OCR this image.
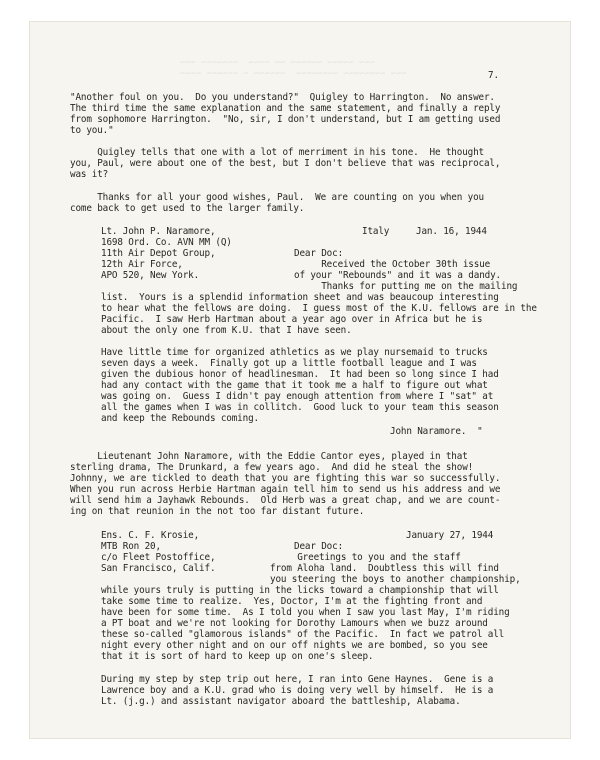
~~~ ~~~~~ ~~~~~~ ~~ ~~~~  ~~~~~~~ ~~~
~~~ ~~~~~~~~ ~~~~~~~~  ~~~~~~ ~ ~~~~~~ ~~~~	7.
"Another foul on you.  Do you understand?"  Quigley to Harrington.  No answer.
The third time the same explanation and the same statement, and finally a reply
from sophomore Harrington.  "No, sir, I don't understand, but I am getting used
to you."
Quigley tells that one with a lot of merriment in his tone.  He thought
you, Paul, were about one of the best, but I don't believe that was reciprocal,
was it?
Thanks for all your good wishes, Paul.  We are counting on you when you
come back to get used to the larger family.
Lt. John P. Naramore,
1698 Ord. Co. AVN MM (Q)
11th Air Depot Group,
12th Air Force,
APO 520, New York.
Italy	Jan. 16, 1944
Dear Doc:
Received the October 30th issue
of your "Rebounds" and it was a dandy.
Thanks for putting me on the mailing
list.  Yours is a splendid information sheet and was beaucoup interesting
to hear what the fellows are doing.  I guess most of the K.U. fellows are in the
Pacific.  I saw Herb Hartman about a year ago over in Africa but he is
about the only one from K.U. that I have seen.
Have little time for organized athletics as we play nursemaid to trucks
seven days a week.  Finally got up a little football league and I was
given the dubious honor of headlinesman.  It had been so long since I had
had any contact with the game that it took me a half to figure out what
was going on.  Guess I didn't pay enough attention from where I "sat" at
all the games when I was in collitch.  Good luck to your team this season
and keep the Rebounds coming.
John Naramore.  "
Lieutenant John Naramore, with the Eddie Cantor eyes, played in that
sterling drama, The Drunkard, a few years ago.  And did he steal the show!
Johnny, we are tickled to death that you are fighting this war so successfully.
When you run across Herbie Hartman again tell him to send us his address and we
will send him a Jayhawk Rebounds.  Old Herb was a great chap, and we are count-
ing on that reunion in the not too far distant future.
Ens. C. F. Krosie,
MTB Ron 20,
c/o Fleet Postoffice,
San Francisco, Calif.
January 27, 1944
Dear Doc:
Greetings to you and the staff
from Aloha land.  Doubtless this will find
you steering the boys to another championship,
while yours truly is putting in the licks toward a championship that will
take some time to realize.  Yes, Doctor, I'm at the fighting front and
have been for some time.  As I told you when I saw you last May, I'm riding
a PT boat and we're not looking for Dorothy Lamours when we buzz around
these so-called "glamorous islands" of the Pacific.  In fact we patrol all
night every other night and on our off nights we are bombed, so you see
that it is sort of hard to keep up on one's sleep.
During my step by step trip out here, I ran into Gene Haynes.  Gene is a
Lawrence boy and a K.U. grad who is doing very well by himself.  He is a
Lt. (j.g.) and assistant navigator aboard the battleship, Alabama.
